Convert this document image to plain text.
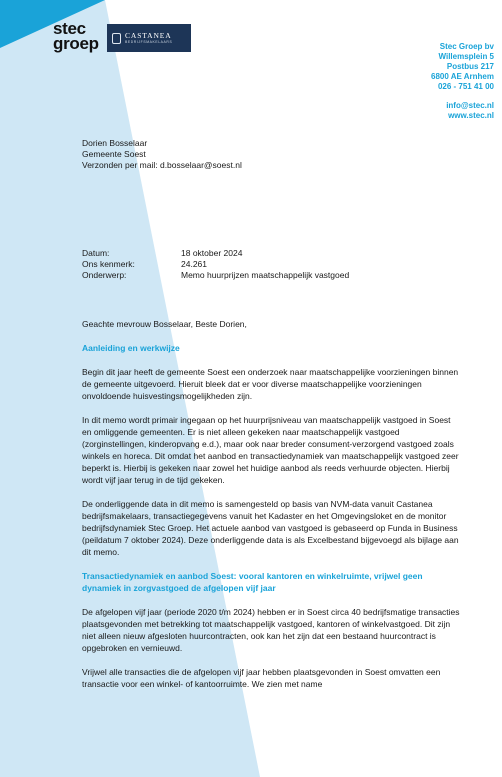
stec
groep	CASTANEA
BEDRIJFSMAKELAARS
Stec Groep bv
Willemsplein 5
Postbus 217
6800 AE Arnhem
026 - 751 41 00
info@stec.nl
www.stec.nl
Dorien Bosselaar
Gemeente Soest
Verzonden per mail: d.bosselaar@soest.nl
Datum:	18 oktober 2024
Ons kenmerk:	24.261
Onderwerp:	Memo huurprijzen maatschappelijk vastgoed

Geachte mevrouw Bosselaar, Beste Dorien,

Aanleiding en werkwijze

Begin dit jaar heeft de gemeente Soest een onderzoek naar maatschappelijke voorzieningen binnen de gemeente uitgevoerd. Hieruit bleek dat er voor diverse maatschappelijke voorzieningen onvoldoende huisvestingsmogelijkheden zijn.

In dit memo wordt primair ingegaan op het huurprijsniveau van maatschappelijk vastgoed in Soest en omliggende gemeenten. Er is niet alleen gekeken naar maatschappelijk vastgoed (zorginstellingen, kinderopvang e.d.), maar ook naar breder consument-verzorgend vastgoed zoals winkels en horeca. Dit omdat het aanbod en transactiedynamiek van maatschappelijk vastgoed zeer beperkt is. Hierbij is gekeken naar zowel het huidige aanbod als reeds verhuurde objecten. Hierbij wordt vijf jaar terug in de tijd gekeken.

De onderliggende data in dit memo is samengesteld op basis van NVM-data vanuit Castanea bedrijfsmakelaars, transactiegegevens vanuit het Kadaster en het Omgevingsloket en de monitor bedrijfsdynamiek Stec Groep. Het actuele aanbod van vastgoed is gebaseerd op Funda in Business (peildatum 7 oktober 2024). Deze onderliggende data is als Excelbestand bijgevoegd als bijlage aan dit memo.

Transactiedynamiek en aanbod Soest: vooral kantoren en winkelruimte, vrijwel geen dynamiek in zorgvastgoed de afgelopen vijf jaar

De afgelopen vijf jaar (periode 2020 t/m 2024) hebben er in Soest circa 40 bedrijfsmatige transacties plaatsgevonden met betrekking tot maatschappelijk vastgoed, kantoren of winkelvastgoed. Dit zijn niet alleen nieuw afgesloten huurcontracten, ook kan het zijn dat een bestaand huurcontract is opgebroken en vernieuwd.

Vrijwel alle transacties die de afgelopen vijf jaar hebben plaatsgevonden in Soest omvatten een transactie voor een winkel- of kantoorruimte. We zien met name
